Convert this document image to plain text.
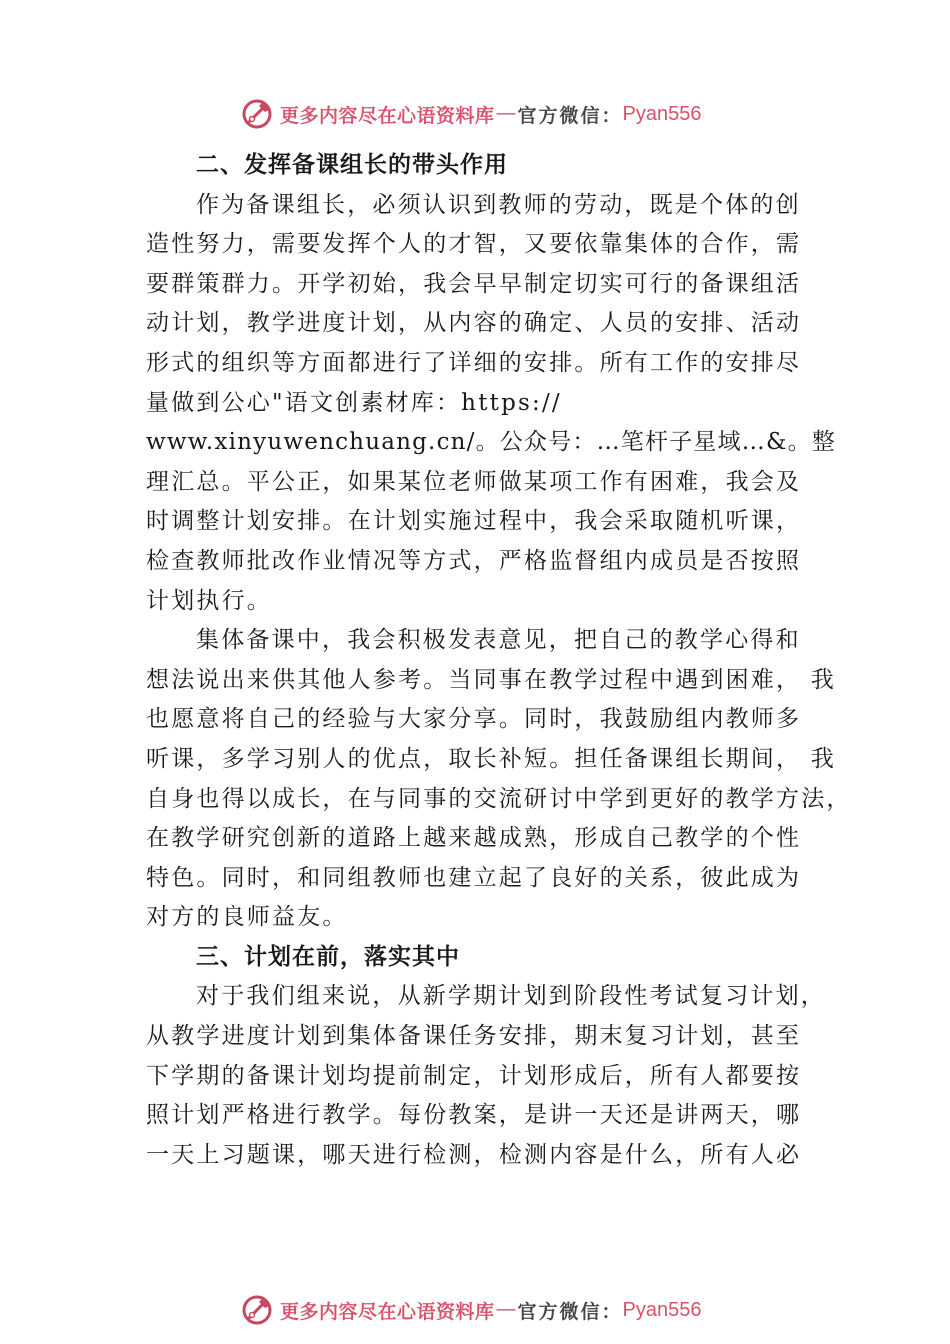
更多内容尽在心语资料库 — 官方微信： Pyan556
二、发挥备课组长的带头作用
作为备课组长，必须认识到教师的劳动，既是个体的创
造性努力，需要发挥个人的才智，又要依靠集体的合作，需
要群策群力。开学初始，我会早早制定切实可行的备课组活
动计划，教学进度计划，从内容的确定、人员的安排、活动
形式的组织等方面都进行了详细的安排。所有工作的安排尽
量做到公心"语文创素材库：https://
www.xinyuwenchuang.cn/。公众号：…笔杆子星域…&。整
理汇总。平公正，如果某位老师做某项工作有困难，我会及
时调整计划安排。在计划实施过程中，我会采取随机听课，
检查教师批改作业情况等方式，严格监督组内成员是否按照
计划执行。
集体备课中，我会积极发表意见，把自己的教学心得和
想法说出来供其他人参考。当同事在教学过程中遇到困难， 我
也愿意将自己的经验与大家分享。同时，我鼓励组内教师多
听课，多学习别人的优点，取长补短。担任备课组长期间， 我
自身也得以成长，在与同事的交流研讨中学到更好的教学方法，
在教学研究创新的道路上越来越成熟，形成自己教学的个性
特色。同时，和同组教师也建立起了良好的关系，彼此成为
对方的良师益友。
三、计划在前，落实其中
对于我们组来说，从新学期计划到阶段性考试复习计划，
从教学进度计划到集体备课任务安排，期末复习计划，甚至
下学期的备课计划均提前制定，计划形成后，所有人都要按
照计划严格进行教学。每份教案，是讲一天还是讲两天，哪
一天上习题课，哪天进行检测，检测内容是什么，所有人必
更多内容尽在心语资料库 — 官方微信： Pyan556
